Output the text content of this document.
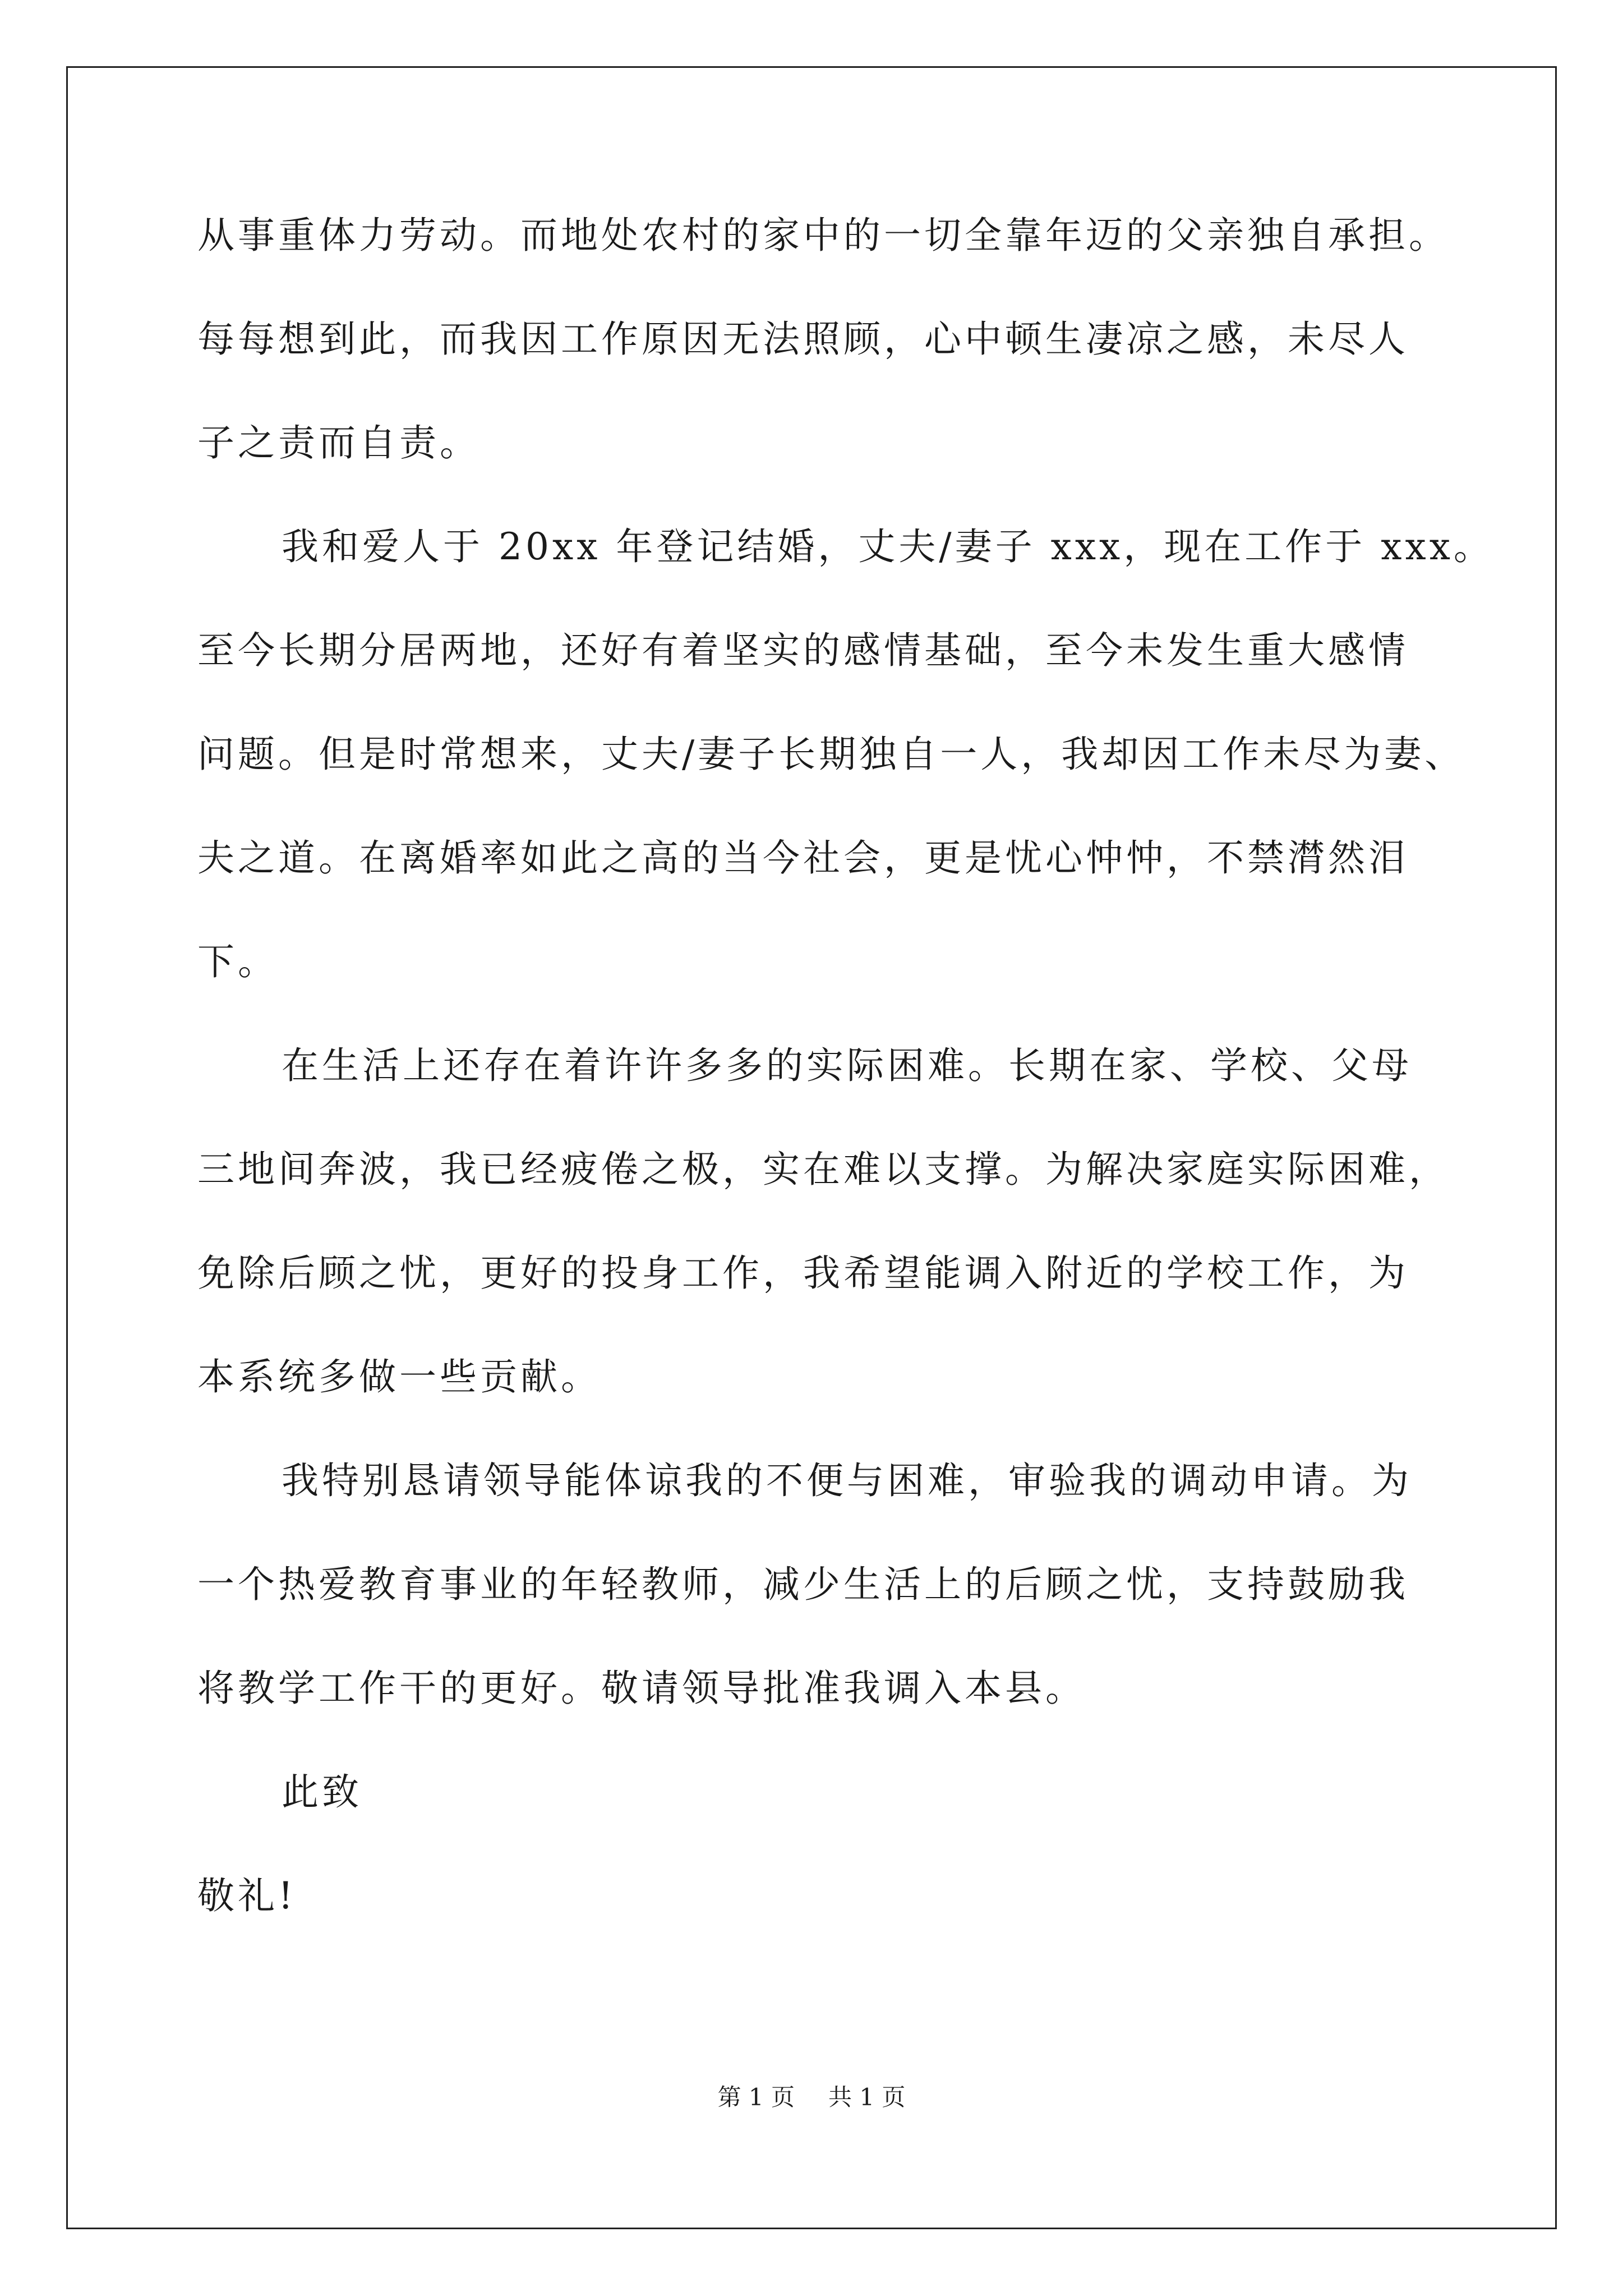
从事重体力劳动。而地处农村的家中的一切全靠年迈的父亲独自承担。
每每想到此，而我因工作原因无法照顾，心中顿生凄凉之感，未尽人
子之责而自责。
我和爱人于 20xx 年登记结婚，丈夫/妻子 xxx，现在工作于 xxx。
至今长期分居两地，还好有着坚实的感情基础，至今未发生重大感情
问题。但是时常想来，丈夫/妻子长期独自一人，我却因工作未尽为妻、
夫之道。在离婚率如此之高的当今社会，更是忧心忡忡，不禁潸然泪
下。
在生活上还存在着许许多多的实际困难。长期在家、学校、父母
三地间奔波，我已经疲倦之极，实在难以支撑。为解决家庭实际困难，
免除后顾之忧，更好的投身工作，我希望能调入附近的学校工作，为
本系统多做一些贡献。
我特别恳请领导能体谅我的不便与困难，审验我的调动申请。为
一个热爱教育事业的年轻教师，减少生活上的后顾之忧，支持鼓励我
将教学工作干的更好。敬请领导批准我调入本县。
此致
敬礼!
第 1 页 共 1 页
